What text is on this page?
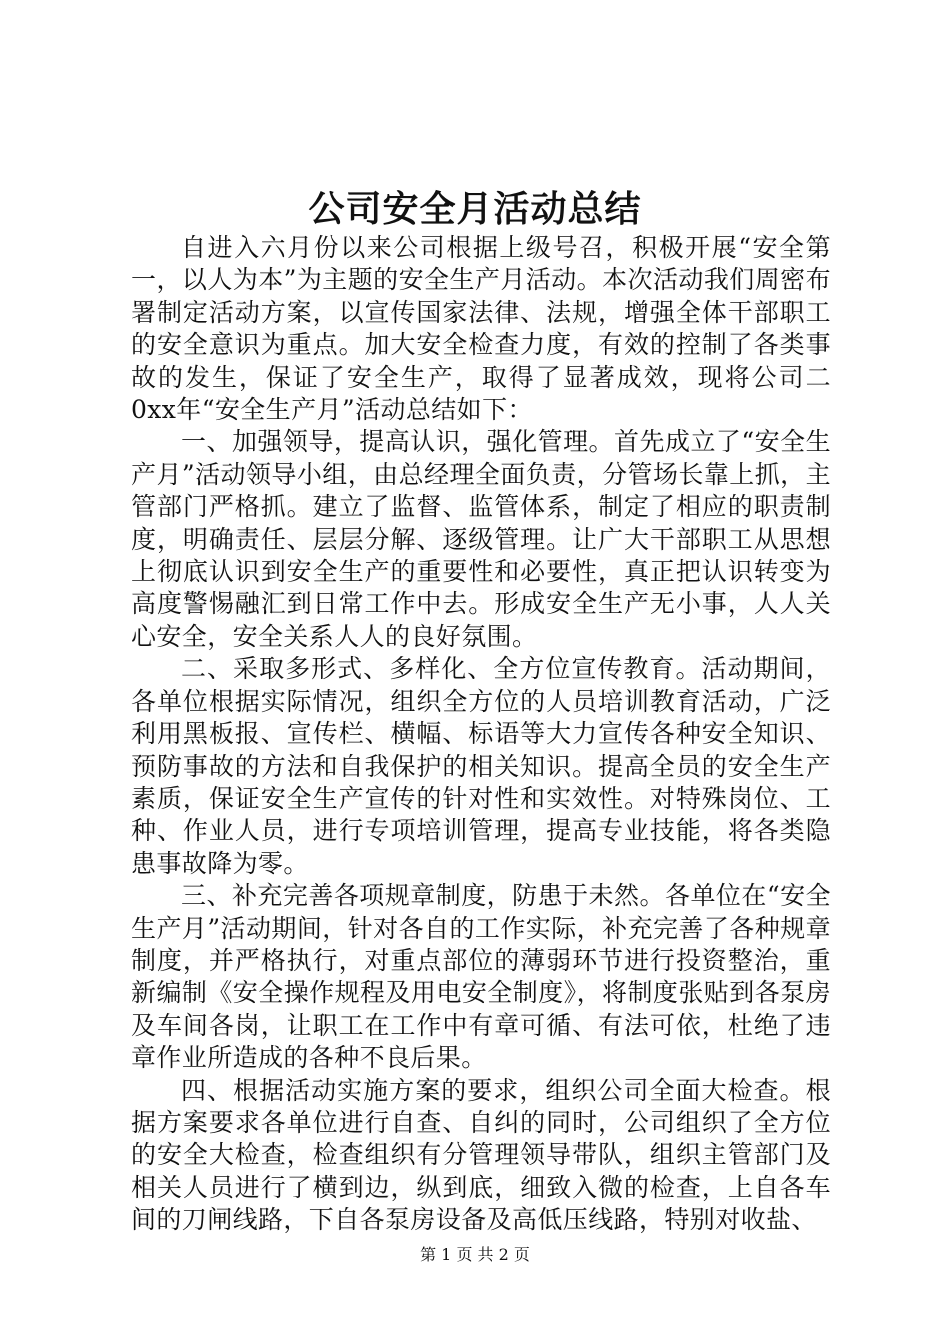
公司安全月活动总结

自进入六月份以来公司根据上级号召，积极开展“安全第一，以人为本”为主题的安全生产月活动。本次活动我们周密布署制定活动方案，以宣传国家法律、法规，增强全体干部职工的安全意识为重点。加大安全检查力度，有效的控制了各类事故的发生，保证了安全生产，取得了显著成效，现将公司二0xx年“安全生产月”活动总结如下：

一、加强领导，提高认识，强化管理。首先成立了“安全生产月”活动领导小组，由总经理全面负责，分管场长靠上抓，主管部门严格抓。建立了监督、监管体系，制定了相应的职责制度，明确责任、层层分解、逐级管理。让广大干部职工从思想上彻底认识到安全生产的重要性和必要性，真正把认识转变为高度警惕融汇到日常工作中去。形成安全生产无小事，人人关心安全，安全关系人人的良好氛围。

二、采取多形式、多样化、全方位宣传教育。活动期间，各单位根据实际情况，组织全方位的人员培训教育活动，广泛利用黑板报、宣传栏、横幅、标语等大力宣传各种安全知识、预防事故的方法和自我保护的相关知识。提高全员的安全生产素质，保证安全生产宣传的针对性和实效性。对特殊岗位、工种、作业人员，进行专项培训管理，提高专业技能，将各类隐患事故降为零。

三、补充完善各项规章制度，防患于未然。各单位在“安全生产月”活动期间，针对各自的工作实际，补充完善了各种规章制度，并严格执行，对重点部位的薄弱环节进行投资整治，重新编制《安全操作规程及用电安全制度》，将制度张贴到各泵房及车间各岗，让职工在工作中有章可循、有法可依，杜绝了违章作业所造成的各种不良后果。

四、根据活动实施方案的要求，组织公司全面大检查。根据方案要求各单位进行自查、自纠的同时，公司组织了全方位的安全大检查，检查组织有分管理领导带队，组织主管部门及相关人员进行了横到边，纵到底，细致入微的检查，上自各车间的刀闸线路，下自各泵房设备及高低压线路，特别对收盐、

第 1 页 共 2 页
